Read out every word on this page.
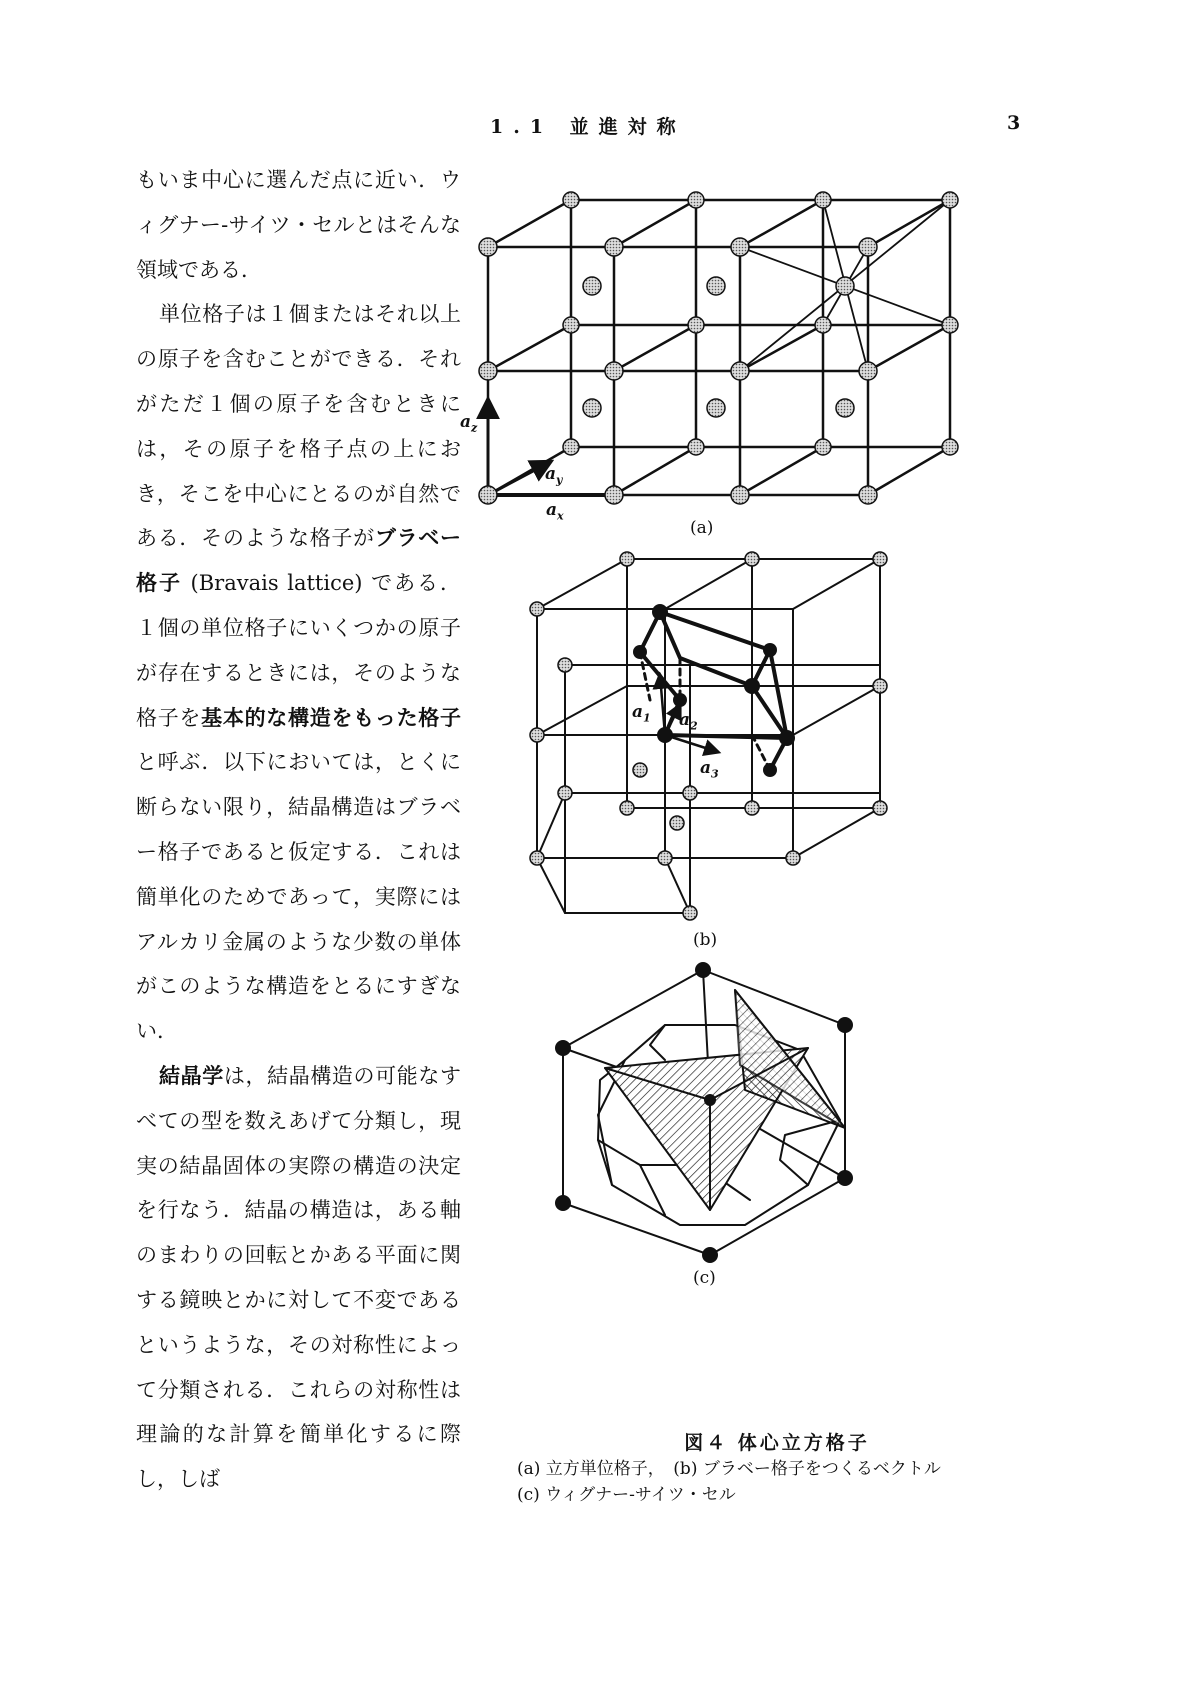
1.1 並進対称	3

もいま中心に選んだ点に近い．ウィグナー-サイツ・セルとはそんな領域である．

単位格子は１個またはそれ以上の原子を含むことができる．それがただ１個の原子を含むときには，その原子を格子点の上におき，そこを中心にとるのが自然である．そのような格子がブラベー格子 (Bravais lattice) である．１個の単位格子にいくつかの原子が存在するときには，そのような格子を基本的な構造をもった格子と呼ぶ．以下においては，とくに断らない限り，結晶構造はブラベー格子であると仮定する．これは簡単化のためであって，実際にはアルカリ金属のような少数の単体がこのような構造をとるにすぎない．

結晶学は，結晶構造の可能なすべての型を数えあげて分類し，現実の結晶固体の実際の構造の決定を行なう．結晶の構造は，ある軸のまわりの回転とかある平面に関する鏡映とかに対して不変であるというような，その対称性によって分類される．これらの対称性は理論的な計算を簡単化するに際し，しば

$a_z$
$a_y$
$a_x$
(a)
$a_1$ $a_2$
$a_3$
(b)
(c)
図４ 体心立方格子
(a) 立方単位格子，　(b) ブラベー格子をつくるベクトル
(c) ウィグナー-サイツ・セル
